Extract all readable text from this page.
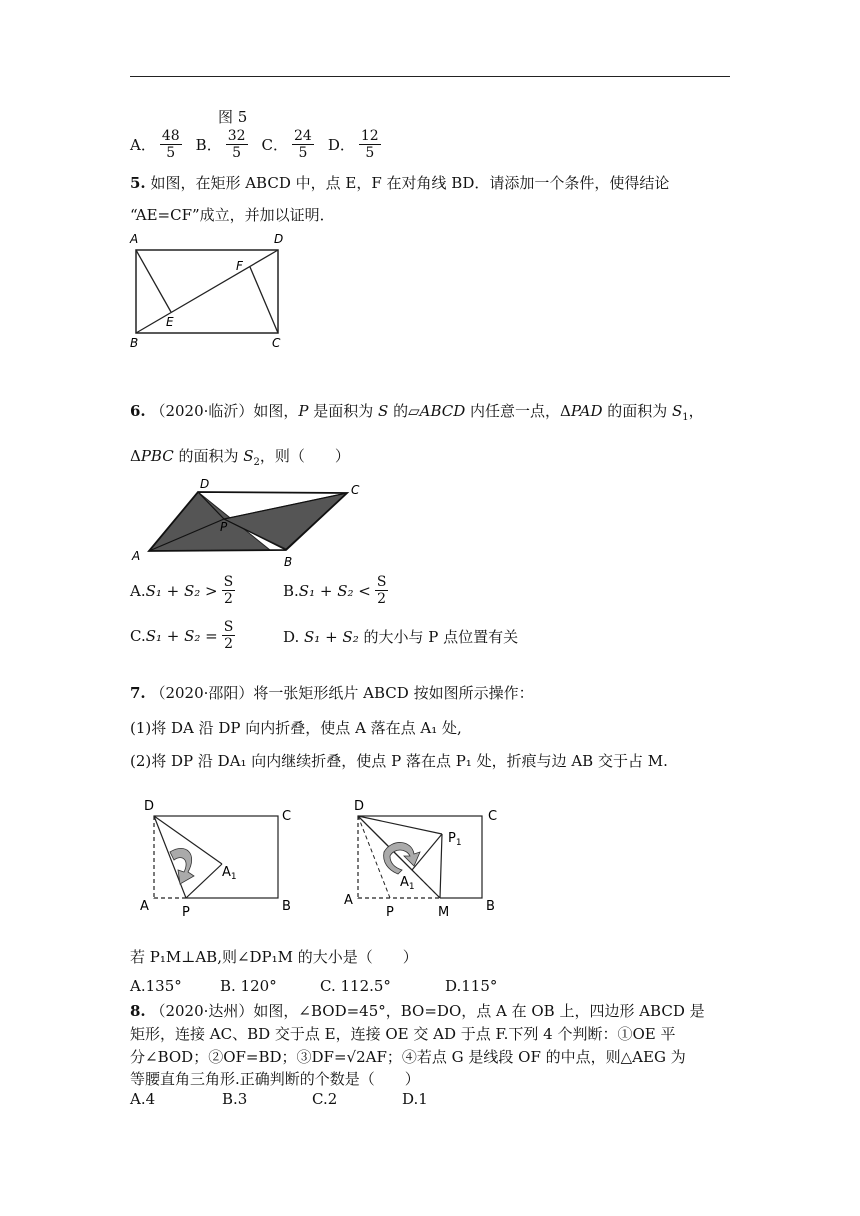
图 5
A． $\frac{48}{5}$ B． $\frac{32}{5}$ C． $\frac{24}{5}$ D． $\frac{12}{5}$
5. 如图，在矩形 ABCD 中，点 E，F 在对角线 BD．请添加一个条件，使得结论
“AE=CF”成立，并加以证明．
A	D
F
E
B	C
6. （2020·临沂）如图，P 是面积为 S 的▱ABCD 内任意一点，ΔPAD 的面积为 $S_1$，
ΔPBC 的面积为 $S_2$，则（　　）
D	C
P
A	B
A. $S_1 + S_2 > \frac{S}{2}$	B. $S_1 + S_2 < \frac{S}{2}$
C. $S_1 + S_2 = \frac{S}{2}$	D. S₁ + S₂ 的大小与 P 点位置有关
7. （2020·邵阳）将一张矩形纸片 ABCD 按如图所示操作：
(1)将 DA 沿 DP 向内折叠，使点 A 落在点 A₁ 处,
(2)将 DP 沿 DA₁ 向内继续折叠，使点 P 落在点 P₁ 处，折痕与边 AB 交于占 M.
D
C
$A_1$
A	P	B
D
C
$P_1$
$A_1$
A
P	M	B
若 P₁M⊥AB,则∠DP₁M 的大小是（　　）
A.135°	B. 120°	C. 112.5°	D.115°
8. （2020·达州）如图，∠BOD=45°，BO=DO，点 A 在 OB 上，四边形 ABCD 是
矩形，连接 AC、BD 交于点 E，连接 OE 交 AD 于点 F.下列 4 个判断：①OE 平
分∠BOD；②OF=BD；③DF=√2AF；④若点 G 是线段 OF 的中点，则△AEG 为
等腰直角三角形.正确判断的个数是（　　）
A.4	B.3	C.2	D.1
